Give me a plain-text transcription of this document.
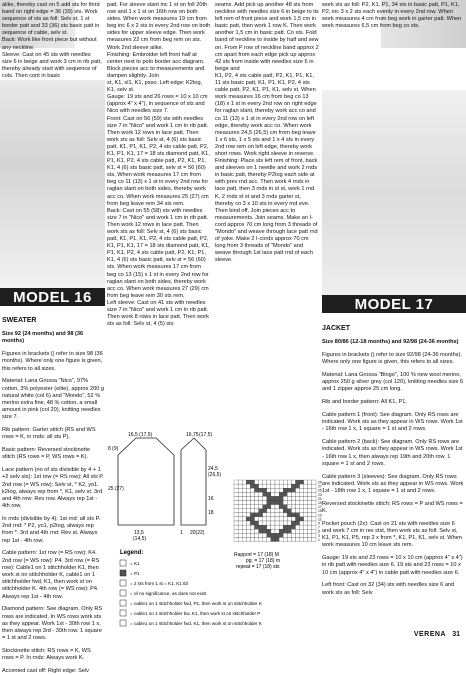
alike, thereby cast on 5 add sts for third band on right edge = 36 (39) sts. Work sequence of sts as foll: Selv st, 1 st border patt and 33 (36) sts basic patt in sequence of cable, selv st.

Back: Work like front piece but without any neckline.

Sleeve: Cast on 45 sts with needles size 6 in beige and work 3 cm in rib patt, thereby already start with sequence of cols. Then cont in basic

MODEL 16

patt. For sleeve slant inc 1 st on foll 20th row and 1 x 1 st on 16th row on both sides. When work measures 19 cm from beg inc 6 x 2 sts in every 2nd row on both sides for upper sleeve edge. Then work measures 22 cm from beg rem on sts. Work 2nd sleeve alike.

Finishing: Embroider left front half at center next to polo border acc diagram. Block pieces acc to measurements and dampen slightly. Join

st, K1, sl1, K1, psso. Left edge: K2tog, K1, selv st.

Gauge: 19 sts and 26 rows = 10 x 10 cm (approx 4" x 4"), in sequence of sts and Nico with needles size 7.

Front: Cast on 56 (59) sts with needles size 7 in "Nico" and work 1 cm in rib patt. Then work 12 rows in lace patt. Then work sts as foll: Selv st, 4 (6) sts basic patt, K1, P1, K1, P2, 4 sts cable patt, P2, K1, P1, K1, 17 = 18 sts diamond patt, K1, P1, K1, P2, 4 sts cable patt, P2, K1, P1, K1, 4 (6) sts basic patt, selv st = 56 (60) sts. When work measures 17 cm from beg co 11 (13) x 1 st in every 2nd row for raglan slant on both sides, thereby work acc co. When work measures 25 (27) cm from beg leave rem 34 sts rem.

Back: Cast on 55 (58) sts with needles size 7 in "Nico" and work 1 cm in rib patt. Then work 12 rows in lace patt. Then work sts as foll: Selv st, 4 (6) sts basic patt, K1, P1, K1, P2, 4 sts cable patt, P2, K1, P1, K1, 17 = 18 sts diamond patt, K1, P1, K1, P2, 4 sts cable patt, P2, K1, P1, K1, 4 (6) sts basic patt, selv st = 56 (60) sts. When work measures 17 cm from beg co 13 (15) x 1 st in every 2nd row for raglan slant on both sides, thereby work acc co. When work measures 27 (29) cm from beg leave rem 30 sts rem.

Left sleeve: Cast on 41 sts with needles size 7 in "Nico" and work 1 cm in rib patt. Then work 8 rows in lace patt. Then work sts as foll: Selv st, 4 (5) sts

seams. Add pick up another 48 sts from neckline with needles size 6 in beige to its left rem of front piece and work 1,5 cm in basic patt, then work 1 row K. Then work another 1,5 cm in basic patt. Co sts. Fold band of neckline to inside by half and sew on. From P row of neckline band approx 2 cm apart from each edge pick up approx 42 sts from inside with needles size 6 in beige and

K1, P2, 4 sts cable patt, P2, K1, P1, K1, 11 sts basic patt, K1, P1, K1, P2, 4 sts cable patt, P2, K1, P1, K1, selv st. When work measures 16 cm from beg co 13 (18) x 1 st in every 2nd row on right edge for raglan slant, thereby work acc co and co 11 (13) x 1 st in every 2nd row on left edge, thereby work acc co. When work measures 24,5 (26,5) cm from beg leave 1 x 6 sts, 1 x 5 sts and 1 x 4 sts in every 2nd row rem on left edge, thereby work short rows. Work right sleeve in reverse.

Finishing: Place sts left rem of front, back and sleeves on 1 needle and work 2 rnds in basic patt, thereby P2tog each side at with prev rnd acc. Then work 4 rnds in lace patt, then 3 rnds in st st, work 1 rnd K, 2 rnds st st and 3 rnds garter st, thereby co 3 x 10 sts in every rnd eve. Then bind off. Join pieces acc to measurements. Join seams. Make an I-cord approx 70 cm long from 3 threads of "Mondo" and weave through lace patt rnd of yoke. Make 2 I-cords approx 70 cm long from 3 threads of "Mondo" and weave through 1st lace patt rnd of each sleeve.

work sts as foll: P2, K1, P1, 34 sts in basic patt, P1, K1, P2, inc 3 x 2 sts each evenly in every 2nd row. When work measures 4 cm from beg work in garter patt. When work measures 6,5 cm from beg co sts.

MODEL 17

SWEATER

Size 92 (24 months) and 98 (36 months)

Figures in brackets () refer to size 98 (36 months). Where only one figure is given, this refers to all sizes.

Material: Lana Grossa "Nico", 97% cotton, 3% polyester (elite), approx 200 g natural white (col 6) and "Mondo", 52 % merino extra fine, 48 % cotton, a small amount in pink (col 20), knitting needles size 7.

Rib pattern: Garter stitch (RS and WS rows = K, in rnds: all sts P).

Basic pattern: Reversed stockinette stitch (RS rows = P, WS rows = K).

Lace pattern (no of sts divisible by 4 + 1 +2 selv sts): 1st row (= RS row): All sts P. 2nd row (= WS row): Selv st, * K2, yo1, k2tog, always rep from *, K1, selv st. 3rd and 4th row: Rev row. Always rep 1st - 4th row.

In rnds (divisible by 4): 1st rnd: all sts P. 2nd rnd: * P2, yo1, p2tog, always rep from *. 3rd and 4th rnd: Rev st. Always rep 1st - 4th row.

Cable pattern: 1st row (= RS row): K4. 2nd row (= WS row): P4. 3rd row (= RS row): Cable1 on 1 stitchholder K1, then work st on stitchholder K, cable1 on 1 stitchholder fwd, K1, then work st on stitchholder K. 4th row (= WS row): P4. Always rep 1st - 4th row.

Diamond pattern: See diagram. Only RS rows are indicated. In WS rows work sts as they appear. Work 1st - 30th row 1 x, then always rep 3rd - 30th row. 1 square = 1 st and 2 rows.

Stockinette stitch: RS rows = K, WS rows = P. In rnds: Always work K.

Accented cast off: Right edge: Selv

JACKET

Size 80/86 (12-18 months) and 92/98 (24-36 months)

Figures in brackets () refer to size 92/98 (24-36 months). Where only one figure is given, this refers to all sizes.

Material: Lana Grossa "Bingo", 100 % new wool merino, approx 250 g silver grey (col 120), knitting needles size 6 and 1 zipper approx 25 cm long.

Rib and border pattern: All K1, P1.

Cable pattern 1 (front): See diagram. Only RS rows are indicated. Work sts as they appear in WS rows. Work 1st - 16th row 1 x, 1 square = 1 st and 2 rows.

Cable pattern 2 (back): See diagram. Only RS rows are indicated. Work sts as they appear in WS rows. Work 1st - 16th row 1 x, then always rep 19th and 20th row. 1 square = 1 st and 2 rows.

Cable pattern 3 (sleeves): See diagram. Only RS rows are indicated. Work sts as they appear in WS rows. Work 1st - 18th row 1 x, 1 square = 1 st and 2 rows.

Reversed stockinette stitch: RS rows = P and WS rows = K.

Pocket pouch (2x): Cast on 21 sts with needles size 6 and work 7 cm in rev stst, then work sts as foll: Selv st, K1, P1, K1, P5, rep 2 x from *, K1, P1, K1, selv st. When work measures 10 cm leave sts rem.

Gauge: 19 sts and 23 rows = 10 x 10 cm (approx 4" x 4") in rib patt with needles size 6. 19 sts and 23 rows = 10 x 10 cm (approx 4" x 4") in cable patt with needles size 6.

Left front: Cast on 32 (34) sts with needles size 6 and work sts as foll: Selv

16,5 (17,5)
8 (9)
25 (27)
13,5
(14,5)
16,75 (17,5)
24,5
(26,5)
16
18
1 20(22)
29
27
25
23
21
19
17
15
13
11
9
7
5
3
1
Rapport = 17 (18) M
pg. = 17 (18) m
repeat = 17 (18) sts
Legend:
= K1
= P1
= 2 sts from 1 st = K1, K1 tbl
= of no significance, as does not exist
= cable1 on 1 stitchholder fwd, P1, then work st on stitchholder K
= cable1 on 1 stitchholder bw, K1, then work st on stitchholder P
= cable1 on 1 stitchholder fwd, K1, then work st on stitchholder K
VERENA 31
